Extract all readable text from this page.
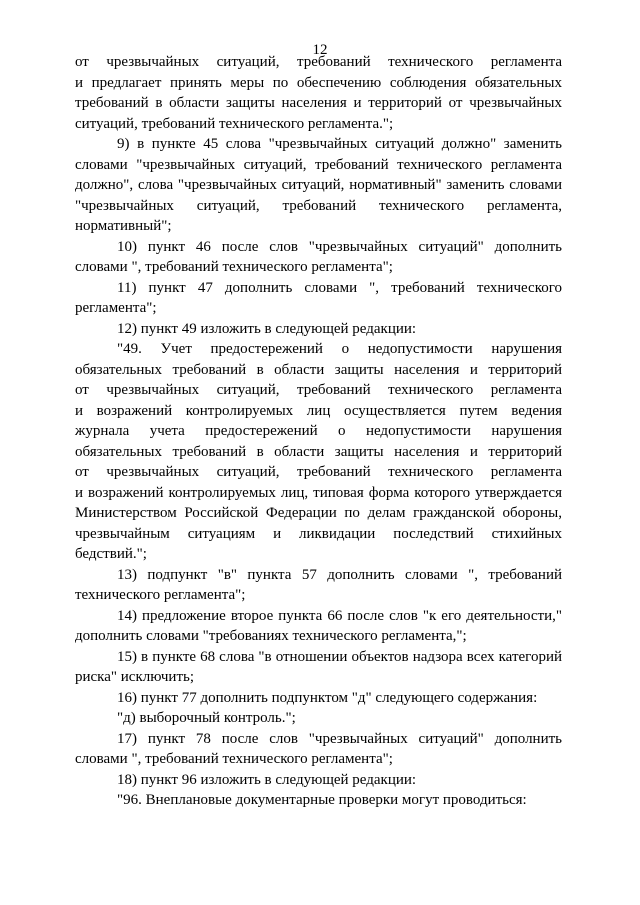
12
от чрезвычайных ситуаций, требований технического регламента
и предлагает принять меры по обеспечению соблюдения обязательных
требований в области защиты населения и территорий от чрезвычайных
ситуаций, требований технического регламента.";
9) в пункте 45 слова "чрезвычайных ситуаций должно" заменить
словами "чрезвычайных ситуаций, требований технического регламента
должно", слова "чрезвычайных ситуаций, нормативный" заменить словами
"чрезвычайных ситуаций, требований технического регламента,
нормативный";
10) пункт 46 после слов "чрезвычайных ситуаций" дополнить
словами ", требований технического регламента";
11) пункт 47 дополнить словами ", требований технического
регламента";
12) пункт 49 изложить в следующей редакции:
"49. Учет предостережений о недопустимости нарушения
обязательных требований в области защиты населения и территорий
от чрезвычайных ситуаций, требований технического регламента
и возражений контролируемых лиц осуществляется путем ведения
журнала учета предостережений о недопустимости нарушения
обязательных требований в области защиты населения и территорий
от чрезвычайных ситуаций, требований технического регламента
и возражений контролируемых лиц, типовая форма которого утверждается
Министерством Российской Федерации по делам гражданской обороны,
чрезвычайным ситуациям и ликвидации последствий стихийных
бедствий.";
13) подпункт "в" пункта 57 дополнить словами ", требований
технического регламента";
14) предложение второе пункта 66 после слов "к его деятельности,"
дополнить словами "требованиях технического регламента,";
15) в пункте 68 слова "в отношении объектов надзора всех категорий
риска" исключить;
16) пункт 77 дополнить подпунктом "д" следующего содержания:
"д) выборочный контроль.";
17) пункт 78 после слов "чрезвычайных ситуаций" дополнить
словами ", требований технического регламента";
18) пункт 96 изложить в следующей редакции:
"96. Внеплановые документарные проверки могут проводиться:
